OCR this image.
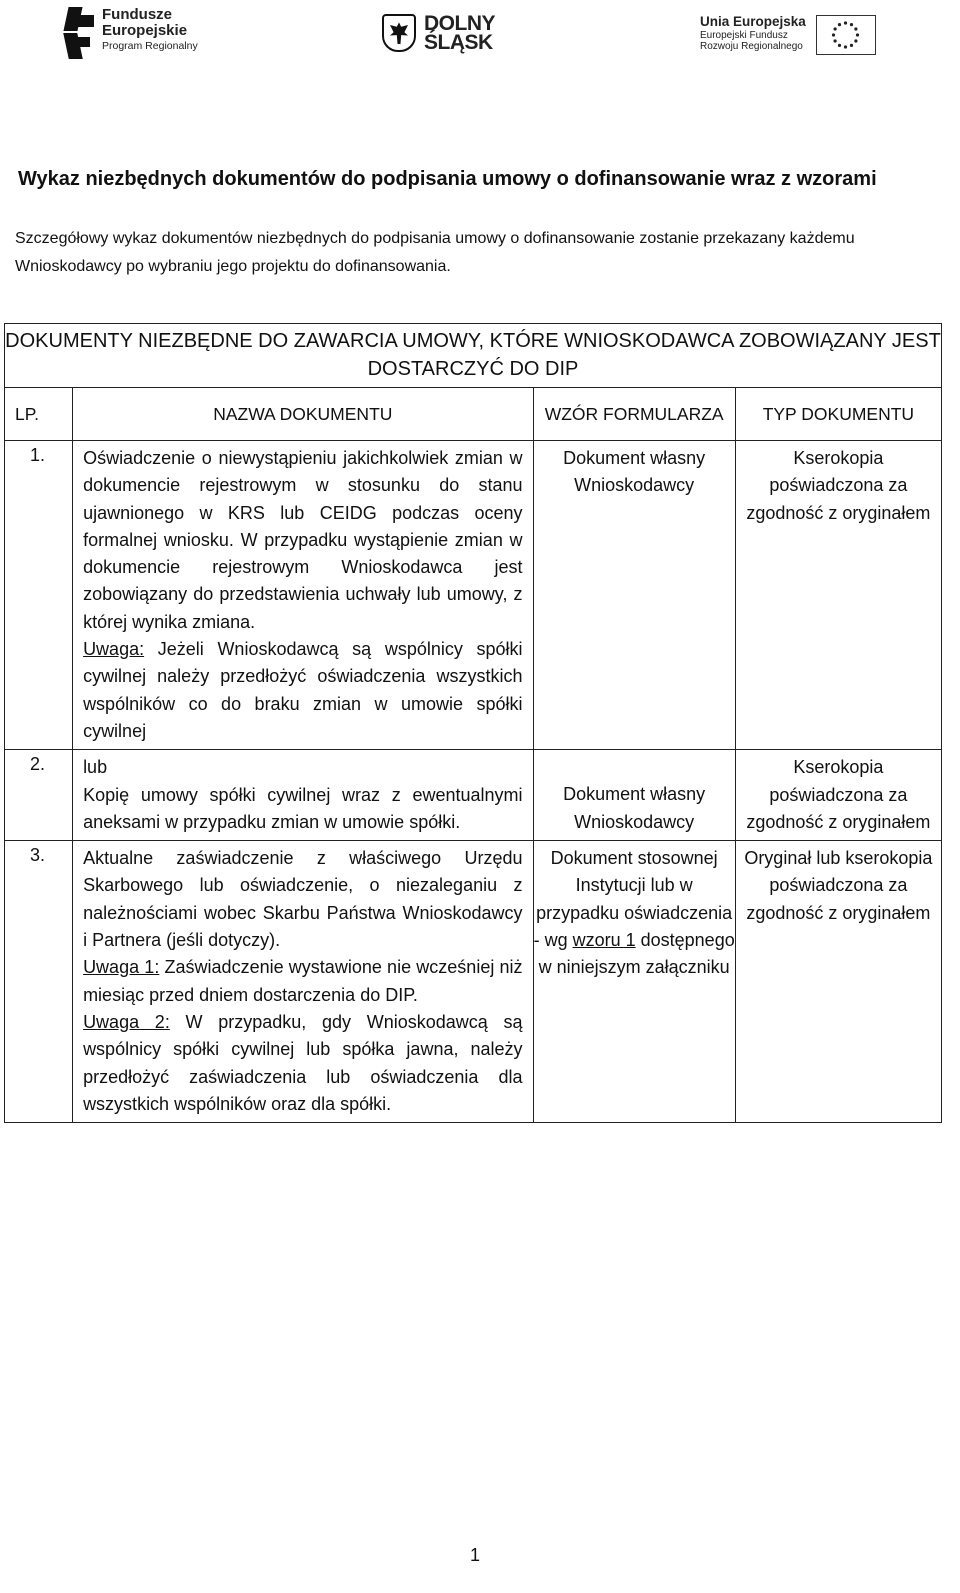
Fundusze
Europejskie
Program Regionalny
DOLNY
ŚLĄSK
Unia Europejska
Europejski Fundusz
Rozwoju Regionalnego
Wykaz niezbędnych dokumentów do podpisania umowy o dofinansowanie wraz z wzorami
Szczegółowy wykaz dokumentów niezbędnych do podpisania umowy o dofinansowanie zostanie przekazany każdemu Wnioskodawcy po wybraniu jego projektu do dofinansowania.
DOKUMENTY NIEZBĘDNE DO ZAWARCIA UMOWY, KTÓRE WNIOSKODAWCA ZOBOWIĄZANY JEST DOSTARCZYĆ DO DIP			
LP.	NAZWA DOKUMENTU	WZÓR FORMULARZA	TYP DOKUMENTU
1.	Oświadczenie o niewystąpieniu jakichkolwiek zmian w dokumencie rejestrowym w stosunku do stanu ujawnionego w KRS lub CEIDG podczas oceny formalnej wniosku. W przypadku wystąpienie zmian w dokumencie rejestrowym Wnioskodawca jest zobowiązany do przedstawienia uchwały lub umowy, z której wynika zmiana.
Uwaga: Jeżeli Wnioskodawcą są wspólnicy spółki cywilnej należy przedłożyć oświadczenia wszystkich wspólników co do braku zmian w umowie spółki cywilnej	Dokument własny Wnioskodawcy	Kserokopia poświadczona za zgodność z oryginałem
2.	lub
Kopię umowy spółki cywilnej wraz z ewentualnymi aneksami w przypadku zmian w umowie spółki.	Dokument własny Wnioskodawcy	Kserokopia poświadczona za zgodność z oryginałem
3.	Aktualne zaświadczenie z właściwego Urzędu Skarbowego lub oświadczenie, o niezaleganiu z należnościami wobec Skarbu Państwa Wnioskodawcy i Partnera (jeśli dotyczy).
Uwaga 1: Zaświadczenie wystawione nie wcześniej niż miesiąc przed dniem dostarczenia do DIP.
Uwaga 2: W przypadku, gdy Wnioskodawcą są wspólnicy spółki cywilnej lub spółka jawna, należy przedłożyć zaświadczenia lub oświadczenia dla wszystkich wspólników oraz dla spółki.	Dokument stosownej Instytucji lub w przypadku oświadczenia - wg wzoru 1 dostępnego w niniejszym załączniku	Oryginał lub kserokopia poświadczona za zgodność z oryginałem
1
